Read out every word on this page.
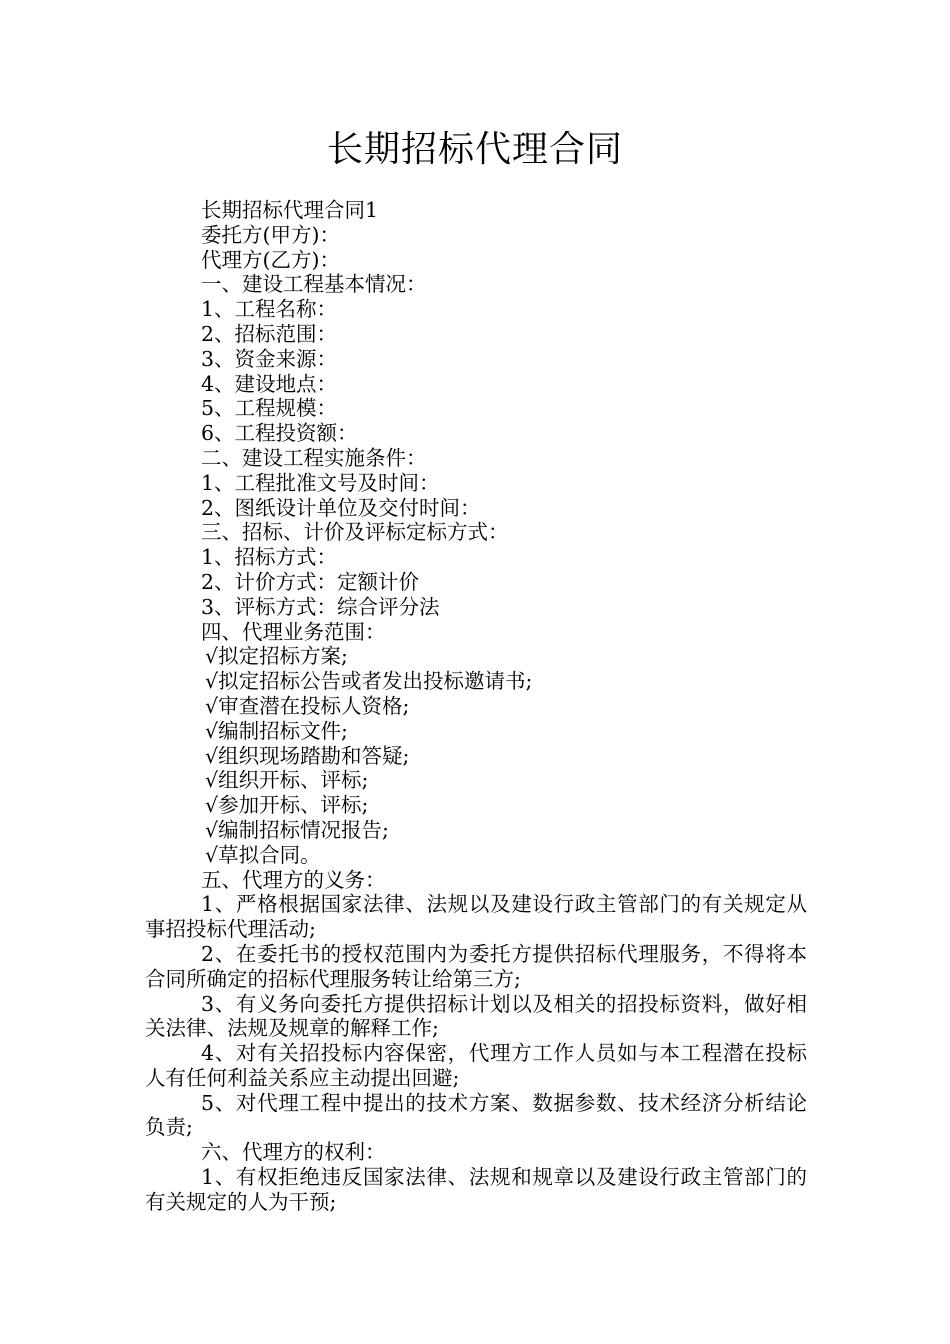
长期招标代理合同

长期招标代理合同1

委托方(甲方)：

代理方(乙方)：

一、建设工程基本情况：

1、工程名称：

2、招标范围：

3、资金来源：

4、建设地点：

5、工程规模：

6、工程投资额：

二、建设工程实施条件：

1、工程批准文号及时间：

2、图纸设计单位及交付时间：

三、招标、计价及评标定标方式：

1、招标方式：

2、计价方式：定额计价

3、评标方式：综合评分法

四、代理业务范围：

√拟定招标方案;

√拟定招标公告或者发出投标邀请书;

√审查潜在投标人资格;

√编制招标文件;

√组织现场踏勘和答疑;

√组织开标、评标;

√参加开标、评标;

√编制招标情况报告;

√草拟合同。

五、代理方的义务：

1、严格根据国家法律、法规以及建设行政主管部门的有关规定从事招投标代理活动;

2、在委托书的授权范围内为委托方提供招标代理服务，不得将本合同所确定的招标代理服务转让给第三方;

3、有义务向委托方提供招标计划以及相关的招投标资料，做好相关法律、法规及规章的解释工作;

4、对有关招投标内容保密，代理方工作人员如与本工程潜在投标人有任何利益关系应主动提出回避;

5、对代理工程中提出的技术方案、数据参数、技术经济分析结论负责;

六、代理方的权利：

1、有权拒绝违反国家法律、法规和规章以及建设行政主管部门的有关规定的人为干预;
